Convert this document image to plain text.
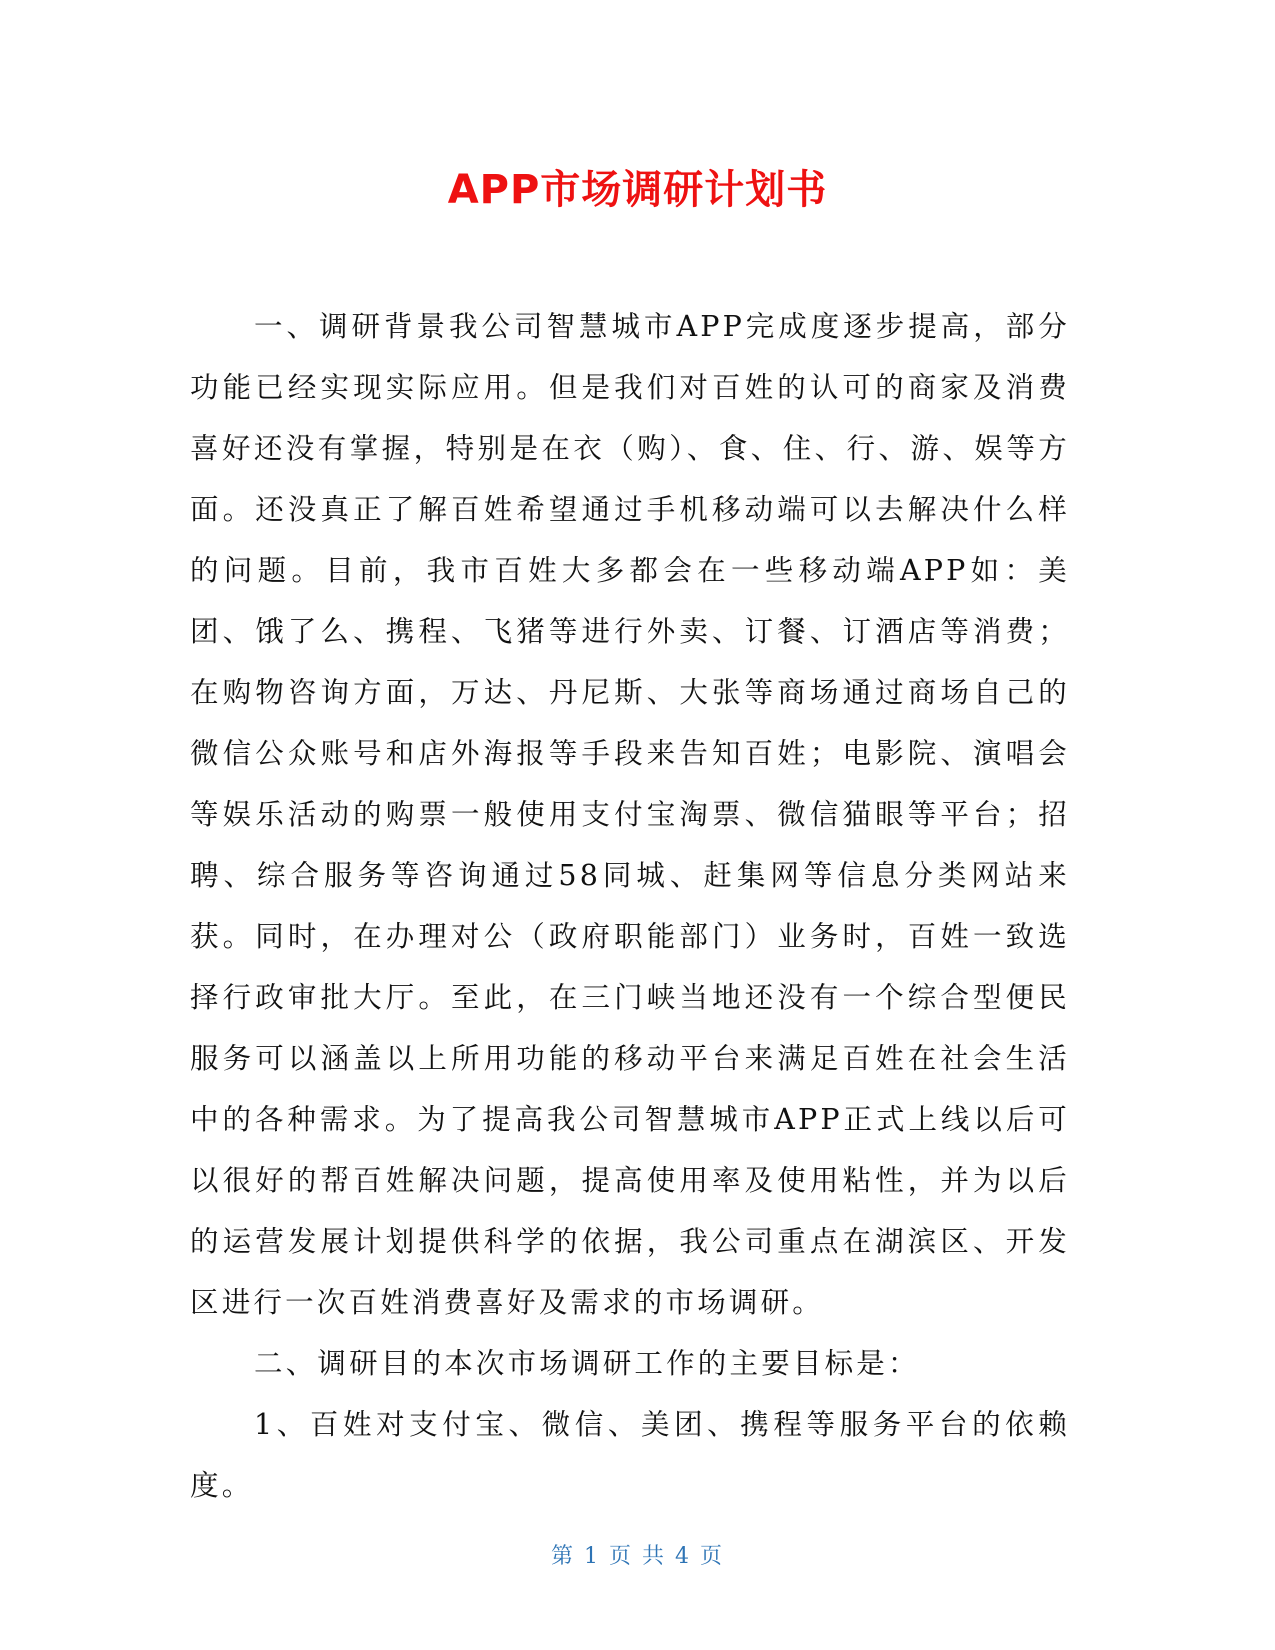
APP市场调研计划书

一、调研背景我公司智慧城市APP完成度逐步提高，部分功能已经实现实际应用。但是我们对百姓的认可的商家及消费喜好还没有掌握，特别是在衣（购）、食、住、行、游、娱等方面。还没真正了解百姓希望通过手机移动端可以去解决什么样的问题。目前，我市百姓大多都会在一些移动端APP如：美团、饿了么、携程、飞猪等进行外卖、订餐、订酒店等消费；在购物咨询方面，万达、丹尼斯、大张等商场通过商场自己的微信公众账号和店外海报等手段来告知百姓；电影院、演唱会等娱乐活动的购票一般使用支付宝淘票、微信猫眼等平台；招聘、综合服务等咨询通过58同城、赶集网等信息分类网站来获。同时，在办理对公（政府职能部门）业务时，百姓一致选择行政审批大厅。至此，在三门峡当地还没有一个综合型便民服务可以涵盖以上所用功能的移动平台来满足百姓在社会生活中的各种需求。为了提高我公司智慧城市APP正式上线以后可以很好的帮百姓解决问题，提高使用率及使用粘性，并为以后的运营发展计划提供科学的依据，我公司重点在湖滨区、开发区进行一次百姓消费喜好及需求的市场调研。

二、调研目的本次市场调研工作的主要目标是：

1、百姓对支付宝、微信、美团、携程等服务平台的依赖度。

第 1 页 共 4 页
